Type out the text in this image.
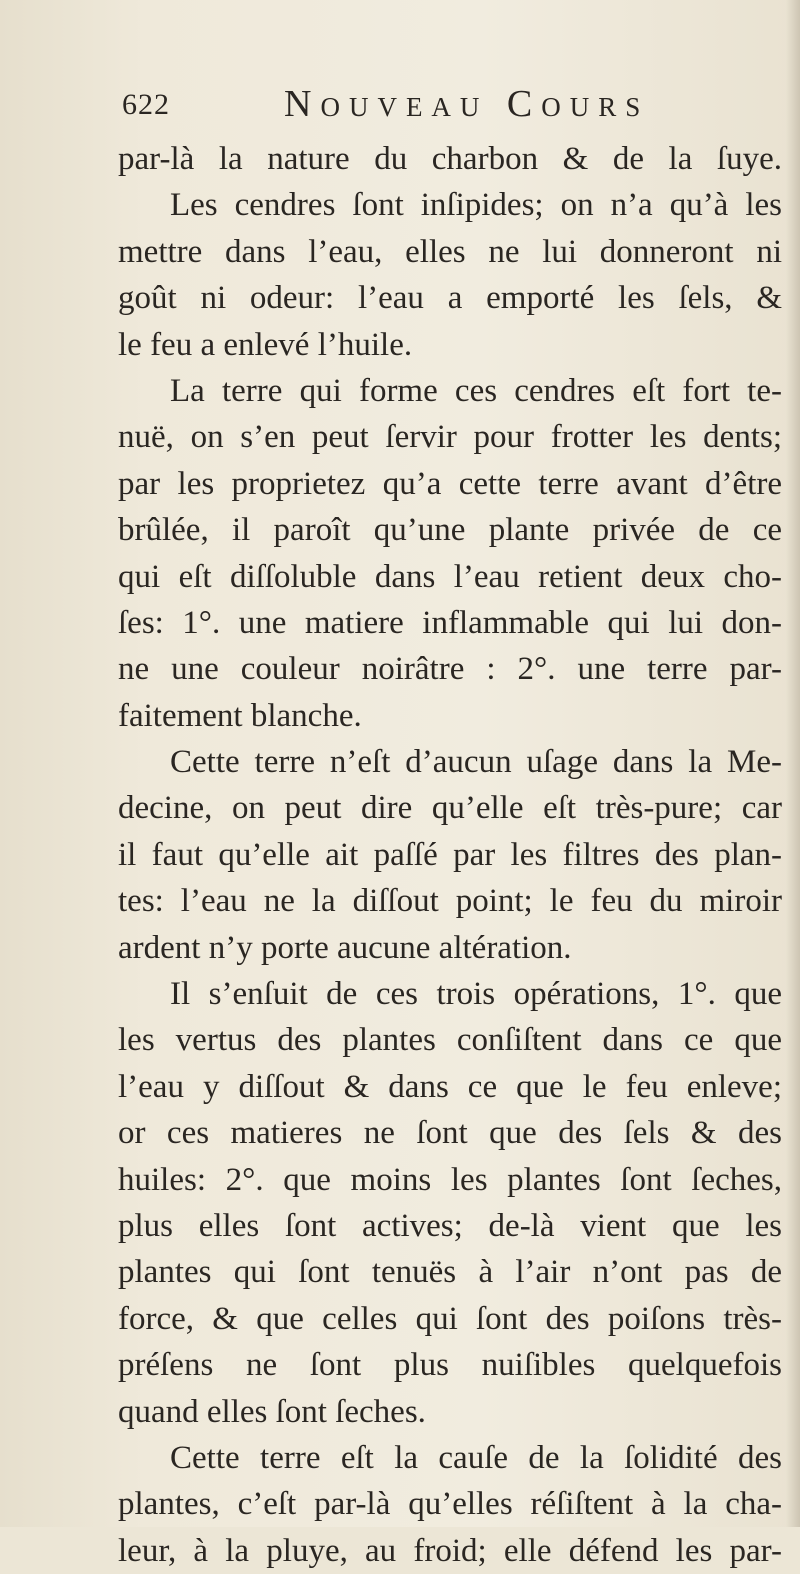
622	Nouveau Cours
par-là la nature du charbon & de la ſuye.
Les cendres ſont inſipides; on n’a qu’à les
mettre dans l’eau, elles ne lui donneront ni
goût ni odeur: l’eau a emporté les ſels, &
le feu a enlevé l’huile.
La terre qui forme ces cendres eſt fort te-
nuë, on s’en peut ſervir pour frotter les dents;
par les proprietez qu’a cette terre avant d’être
brûlée, il paroît qu’une plante privée de ce
qui eſt diſſoluble dans l’eau retient deux cho-
ſes: 1°. une matiere inflammable qui lui don-
ne une couleur noirâtre : 2°. une terre par-
faitement blanche.
Cette terre n’eſt d’aucun uſage dans la Me-
decine, on peut dire qu’elle eſt très-pure; car
il faut qu’elle ait paſſé par les filtres des plan-
tes: l’eau ne la diſſout point; le feu du miroir
ardent n’y porte aucune altération.
Il s’enſuit de ces trois opérations, 1°. que
les vertus des plantes conſiſtent dans ce que
l’eau y diſſout & dans ce que le feu enleve;
or ces matieres ne ſont que des ſels & des
huiles: 2°. que moins les plantes ſont ſeches,
plus elles ſont actives; de-là vient que les
plantes qui ſont tenuës à l’air n’ont pas de
force, & que celles qui ſont des poiſons très-
préſens ne ſont plus nuiſibles quelquefois
quand elles ſont ſeches.
Cette terre eſt la cauſe de la ſolidité des
plantes, c’eſt par-là qu’elles réſiſtent à la cha-
leur, à la pluye, au froid; elle défend les par-
